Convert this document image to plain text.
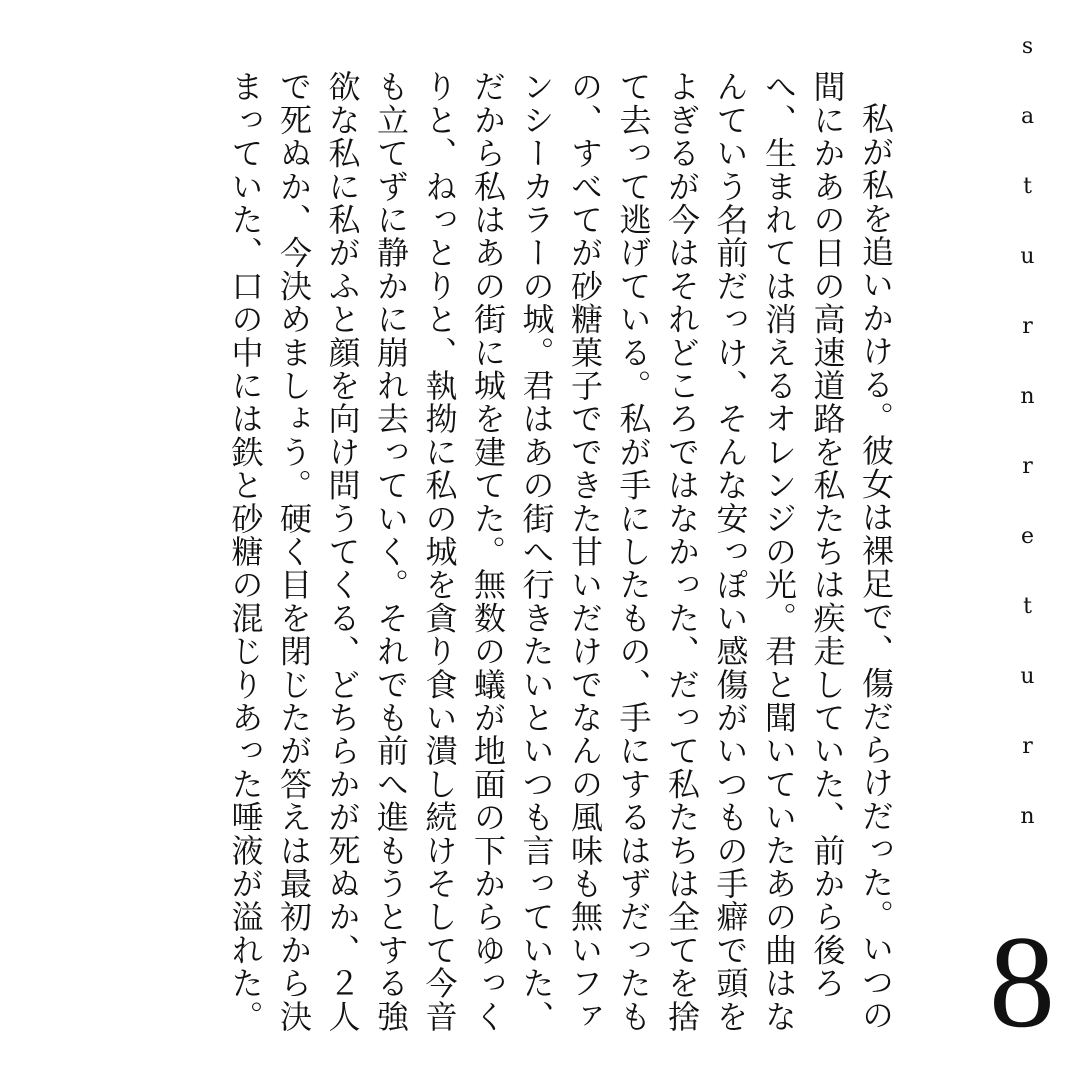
saturnreturn

私が私を追いかける。彼女は裸足で、傷だらけだった。いつの間にかあの日の高速道路を私たちは疾走していた、前から後ろへ、生まれては消えるオレンジの光。君と聞いていたあの曲はなんていう名前だっけ、そんな安っぽい感傷がいつもの手癖で頭をよぎるが今はそれどころではなかった、だって私たちは全てを捨て去って逃げている。私が手にしたもの、手にするはずだったもの、すべてが砂糖菓子でできた甘いだけでなんの風味も無いファンシーカラーの城。君はあの街へ行きたいといつも言っていた、だから私はあの街に城を建てた。無数の蟻が地面の下からゆっくりと、ねっとりと、執拗に私の城を貪り食い潰し続けそして今音も立てずに静かに崩れ去っていく。それでも前へ進もうとする強欲な私に私がふと顔を向け問うてくる、どちらかが死ぬか、２人で死ぬか、今決めましょう。硬く目を閉じたが答えは最初から決まっていた、口の中には鉄と砂糖の混じりあった唾液が溢れた。	8
